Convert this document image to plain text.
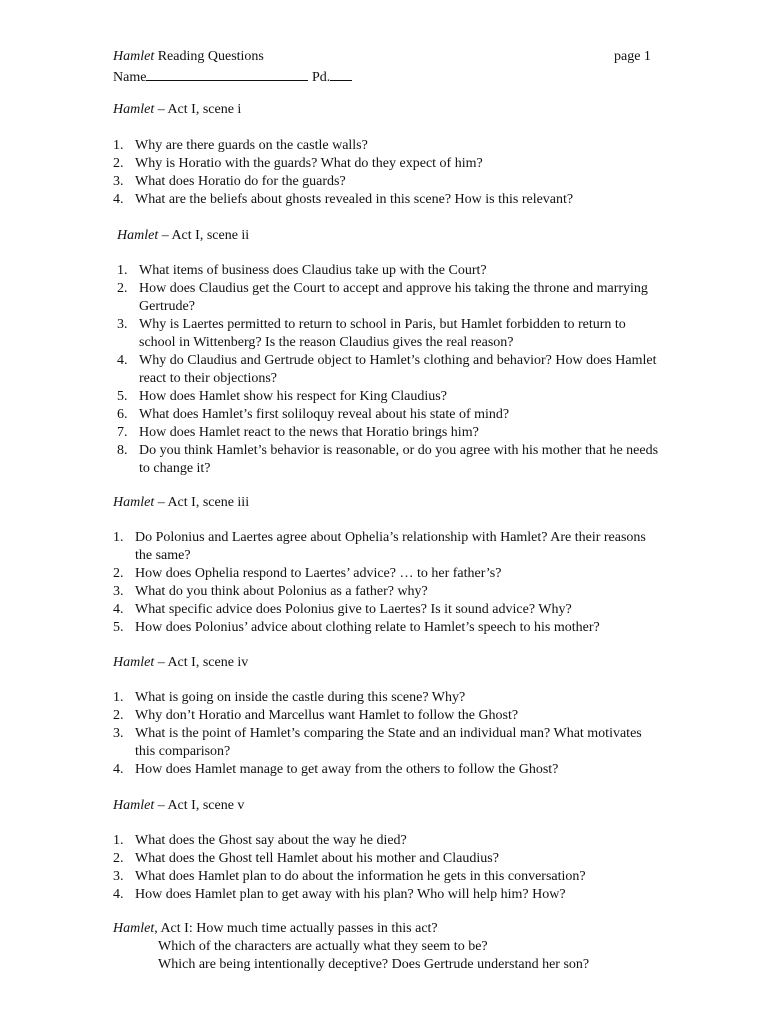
Hamlet Reading Questions	page 1
Name	Pd.
Hamlet – Act I, scene i
1. Why are there guards on the castle walls?
2. Why is Horatio with the guards? What do they expect of him?
3. What does Horatio do for the guards?
4. What are the beliefs about ghosts revealed in this scene? How is this relevant?
Hamlet – Act I, scene ii
1. What items of business does Claudius take up with the Court?
2. How does Claudius get the Court to accept and approve his taking the throne and marrying Gertrude?
3. Why is Laertes permitted to return to school in Paris, but Hamlet forbidden to return to school in Wittenberg? Is the reason Claudius gives the real reason?
4. Why do Claudius and Gertrude object to Hamlet’s clothing and behavior? How does Hamlet react to their objections?
5. How does Hamlet show his respect for King Claudius?
6. What does Hamlet’s first soliloquy reveal about his state of mind?
7. How does Hamlet react to the news that Horatio brings him?
8. Do you think Hamlet’s behavior is reasonable, or do you agree with his mother that he needs to change it?
Hamlet – Act I, scene iii
1. Do Polonius and Laertes agree about Ophelia’s relationship with Hamlet? Are their reasons the same?
2. How does Ophelia respond to Laertes’ advice? … to her father’s?
3. What do you think about Polonius as a father? why?
4. What specific advice does Polonius give to Laertes? Is it sound advice? Why?
5. How does Polonius’ advice about clothing relate to Hamlet’s speech to his mother?
Hamlet – Act I, scene iv
1. What is going on inside the castle during this scene? Why?
2. Why don’t Horatio and Marcellus want Hamlet to follow the Ghost?
3. What is the point of Hamlet’s comparing the State and an individual man? What motivates this comparison?
4. How does Hamlet manage to get away from the others to follow the Ghost?
Hamlet – Act I, scene v
1. What does the Ghost say about the way he died?
2. What does the Ghost tell Hamlet about his mother and Claudius?
3. What does Hamlet plan to do about the information he gets in this conversation?
4. How does Hamlet plan to get away with his plan? Who will help him? How?
Hamlet, Act I: How much time actually passes in this act?
Which of the characters are actually what they seem to be?
Which are being intentionally deceptive? Does Gertrude understand her son?
